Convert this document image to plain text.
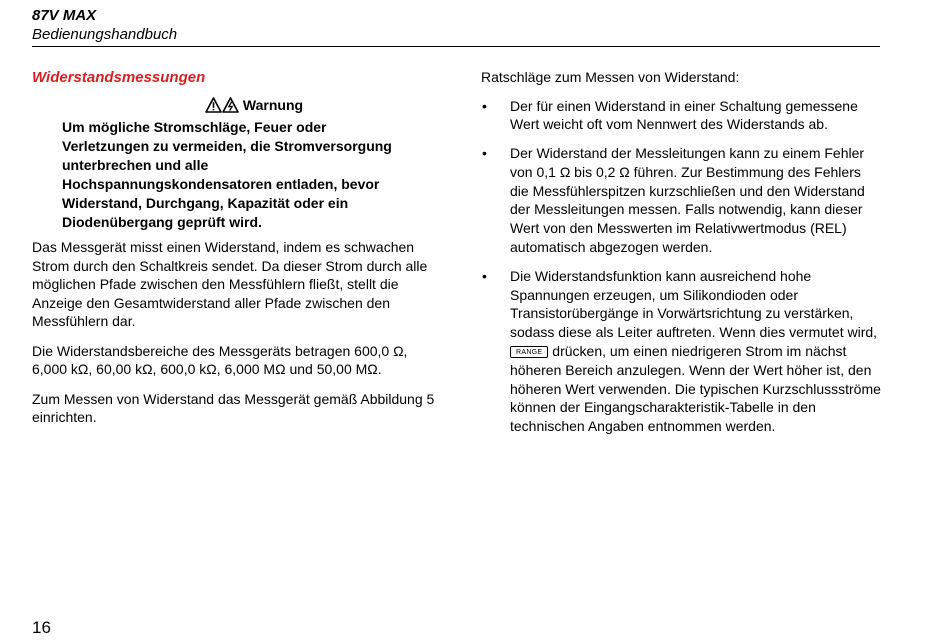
87V MAX
Bedienungshandbuch
Widerstandsmessungen
Warnung
Um mögliche Stromschläge, Feuer oder Verletzungen zu vermeiden, die Stromversorgung unterbrechen und alle Hochspannungskondensatoren entladen, bevor Widerstand, Durchgang, Kapazität oder ein Diodenübergang geprüft wird.

Das Messgerät misst einen Widerstand, indem es schwachen Strom durch den Schaltkreis sendet. Da dieser Strom durch alle möglichen Pfade zwischen den Messfühlern fließt, stellt die Anzeige den Gesamtwiderstand aller Pfade zwischen den Messfühlern dar.

Die Widerstandsbereiche des Messgeräts betragen 600,0 Ω, 6,000 kΩ, 60,00 kΩ, 600,0 kΩ, 6,000 MΩ und 50,00 MΩ.

Zum Messen von Widerstand das Messgerät gemäß Abbildung 5 einrichten.

Ratschläge zum Messen von Widerstand:

• Der für einen Widerstand in einer Schaltung gemessene Wert weicht oft vom Nennwert des Widerstands ab.
• Der Widerstand der Messleitungen kann zu einem Fehler von 0,1 Ω bis 0,2 Ω führen. Zur Bestimmung des Fehlers die Messfühlerspitzen kurzschließen und den Widerstand der Messleitungen messen. Falls notwendig, kann dieser Wert von den Messwerten im Relativwertmodus (REL) automatisch abgezogen werden.
• Die Widerstandsfunktion kann ausreichend hohe Spannungen erzeugen, um Silikondioden oder Transistorübergänge in Vorwärtsrichtung zu verstärken, sodass diese als Leiter auftreten. Wenn dies vermutet wird, RANGE drücken, um einen niedrigeren Strom im nächst höheren Bereich anzulegen. Wenn der Wert höher ist, den höheren Wert verwenden. Die typischen Kurzschlussströme können der Eingangscharakteristik-Tabelle in den technischen Angaben entnommen werden.
16
